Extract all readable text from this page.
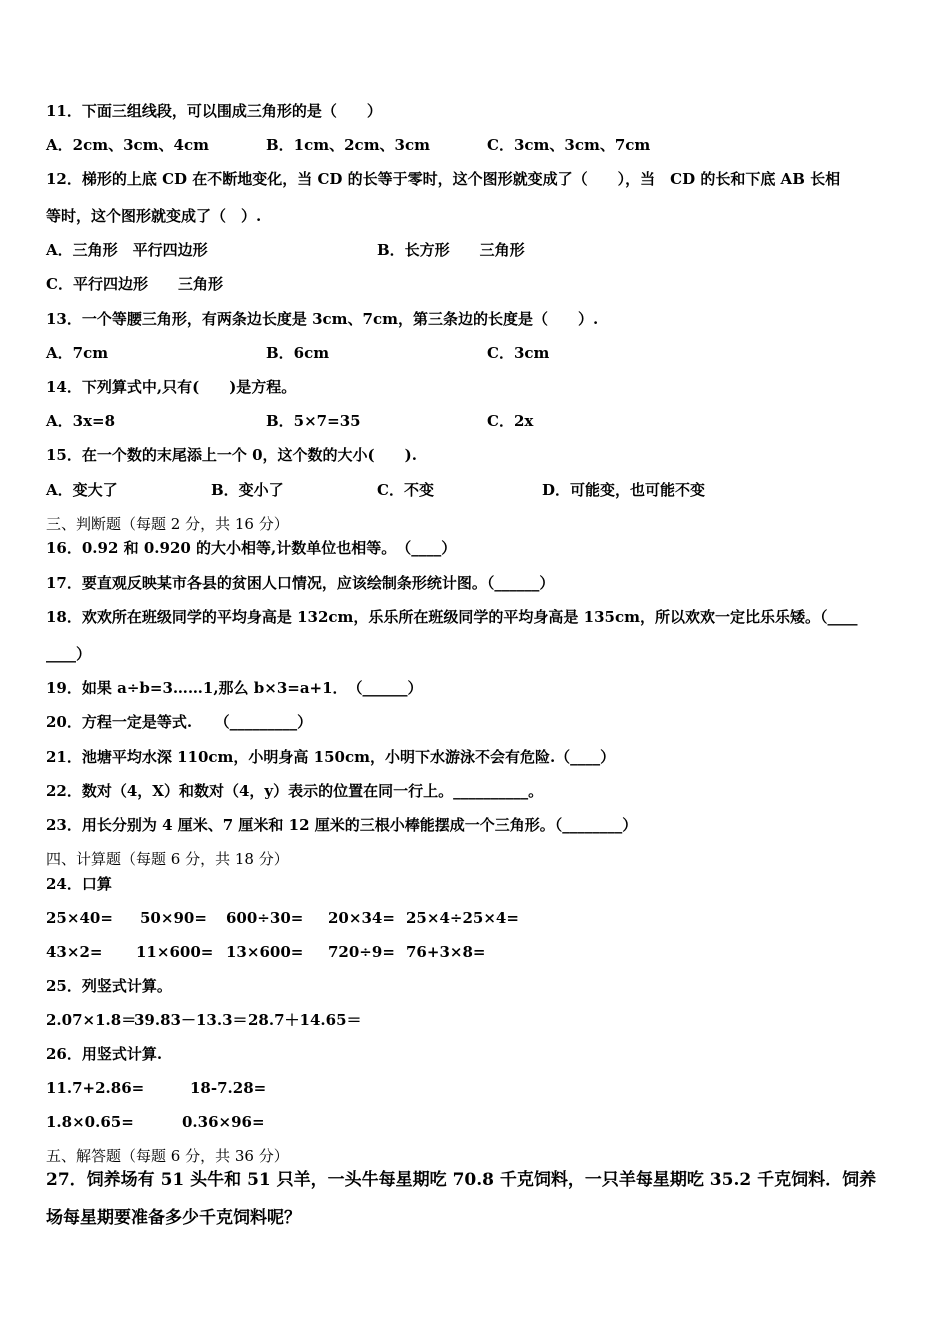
11．下面三组线段，可以围成三角形的是（　　）
A．2cm、3cm、4cm	B．1cm、2cm、3cm	C．3cm、3cm、7cm
12．梯形的上底 CD 在不断地变化，当 CD 的长等于零时，这个图形就变成了（　　），当　CD 的长和下底 AB 长相
等时，这个图形就变成了（　）.
A．三角形　平行四边形	B．长方形　　三角形
C．平行四边形　　三角形
13．一个等腰三角形，有两条边长度是 3cm、7cm，第三条边的长度是（　　）.
A．7cm	B．6cm	C．3cm
14．下列算式中,只有(　　)是方程。
A．3x=8	B．5×7=35	C．2x
15．在一个数的末尾添上一个 0，这个数的大小(　　).
A．变大了	B．变小了	C．不变	D．可能变，也可能不变
三、判断题（每题 2 分，共 16 分）
16．0.92 和 0.920 的大小相等,计数单位也相等。　（____）
17．要直观反映某市各县的贫困人口情况，应该绘制条形统计图。（______）
18．欢欢所在班级同学的平均身高是 132cm，乐乐所在班级同学的平均身高是 135cm，所以欢欢一定比乐乐矮。（____
____）
19．如果 a÷b=3……1,那么 b×3=a+1．　（______）
20．方程一定是等式.　　（_________）
21．池塘平均水深 110cm，小明身高 150cm，小明下水游泳不会有危险.（____）
22．数对（4，X）和数对（4，y）表示的位置在同一行上。__________。
23．用长分别为 4 厘米、7 厘米和 12 厘米的三根小棒能摆成一个三角形。（________）
四、计算题（每题 6 分，共 18 分）
24．口算
25×40= 50×90= 600÷30= 20×34= 25×4÷25×4=
43×2= 11×600= 13×600= 720÷9= 76+3×8=
25．列竖式计算。
2.07×1.8＝
39.83－13.3＝ 28.7＋14.65＝
26．用竖式计算.
11.7+2.86=	18-7.28=
1.8×0.65=	0.36×96=
五、解答题（每题 6 分，共 36 分）
27．饲养场有 51 头牛和 51 只羊，一头牛每星期吃 70.8 千克饲料，一只羊每星期吃 35.2 千克饲料．饲养
场每星期要准备多少千克饲料呢？
